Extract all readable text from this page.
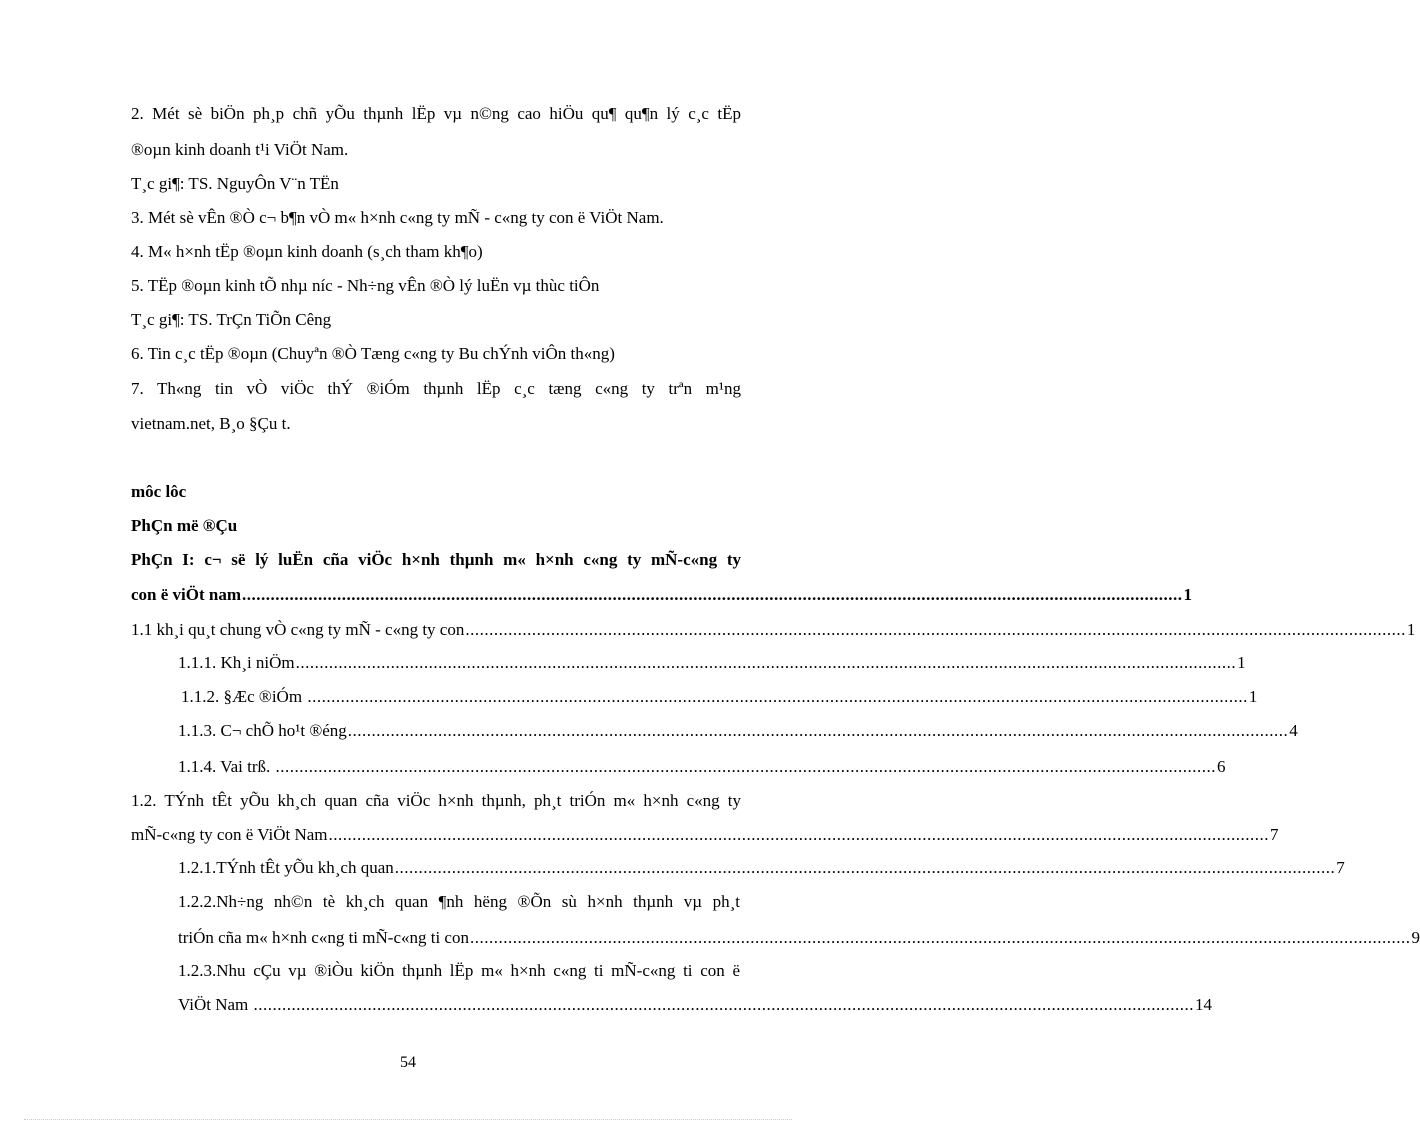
2. Mét sè biÖn ph¸p chñ yÕu thµnh lËp vµ n©ng cao hiÖu qu¶ qu¶n lý c¸c tËp
®oµn kinh doanh t¹i ViÖt Nam.
T¸c gi¶: TS. NguyÔn V¨n TËn
3. Mét sè vÊn ®Ò c¬ b¶n vÒ m« h×nh c«ng ty mÑ - c«ng ty con ë ViÖt Nam.
4. M« h×nh tËp ®oµn kinh doanh (s¸ch tham kh¶o)
5. TËp ®oµn kinh tÕ nhµ níc - Nh÷ng vÊn ®Ò lý luËn vµ thùc tiÔn
T¸c gi¶: TS. TrÇn TiÕn Cêng
6. Tin c¸c tËp ®oµn (Chuyªn ®Ò Tæng c«ng ty Bu chÝnh viÔn th«ng)
7. Th«ng tin vÒ viÖc thÝ ®iÓm thµnh lËp c¸c tæng c«ng ty trªn m¹ng
vietnam.net, B¸o §Çu t.
môc lôc
PhÇn më ®Çu
PhÇn I: c¬ së lý luËn cña viÖc h×nh thµnh m« h×nh c«ng ty mÑ-c«ng ty
con ë viÖt nam ...................................................................................................................................................................................................... 1
1.1 kh¸i qu¸t chung vÒ c«ng ty mÑ - c«ng ty con ...................................................................................................................................................................................................... 1
1.1.1. Kh¸i niÖm ...................................................................................................................................................................................................... 1
1.1.2. §Æc ®iÓm ...................................................................................................................................................................................................... 1
1.1.3. C¬ chÕ ho¹t ®éng ...................................................................................................................................................................................................... 4
1.1.4. Vai trß. ...................................................................................................................................................................................................... 6
1.2. TÝnh tÊt yÕu kh¸ch quan cña viÖc h×nh thµnh, ph¸t triÓn m« h×nh c«ng ty
mÑ-c«ng ty con ë ViÖt Nam ...................................................................................................................................................................................................... 7
1.2.1.TÝnh tÊt yÕu kh¸ch quan ...................................................................................................................................................................................................... 7
1.2.2.Nh÷ng nh©n tè kh¸ch quan ¶nh hëng ®Õn sù h×nh thµnh vµ ph¸t
triÓn cña m« h×nh c«ng ti mÑ-c«ng ti con ...................................................................................................................................................................................................... 9
1.2.3.Nhu cÇu vµ ®iÒu kiÖn thµnh lËp m« h×nh c«ng ti mÑ-c«ng ti con ë
ViÖt Nam ...................................................................................................................................................................................................... 14
54
